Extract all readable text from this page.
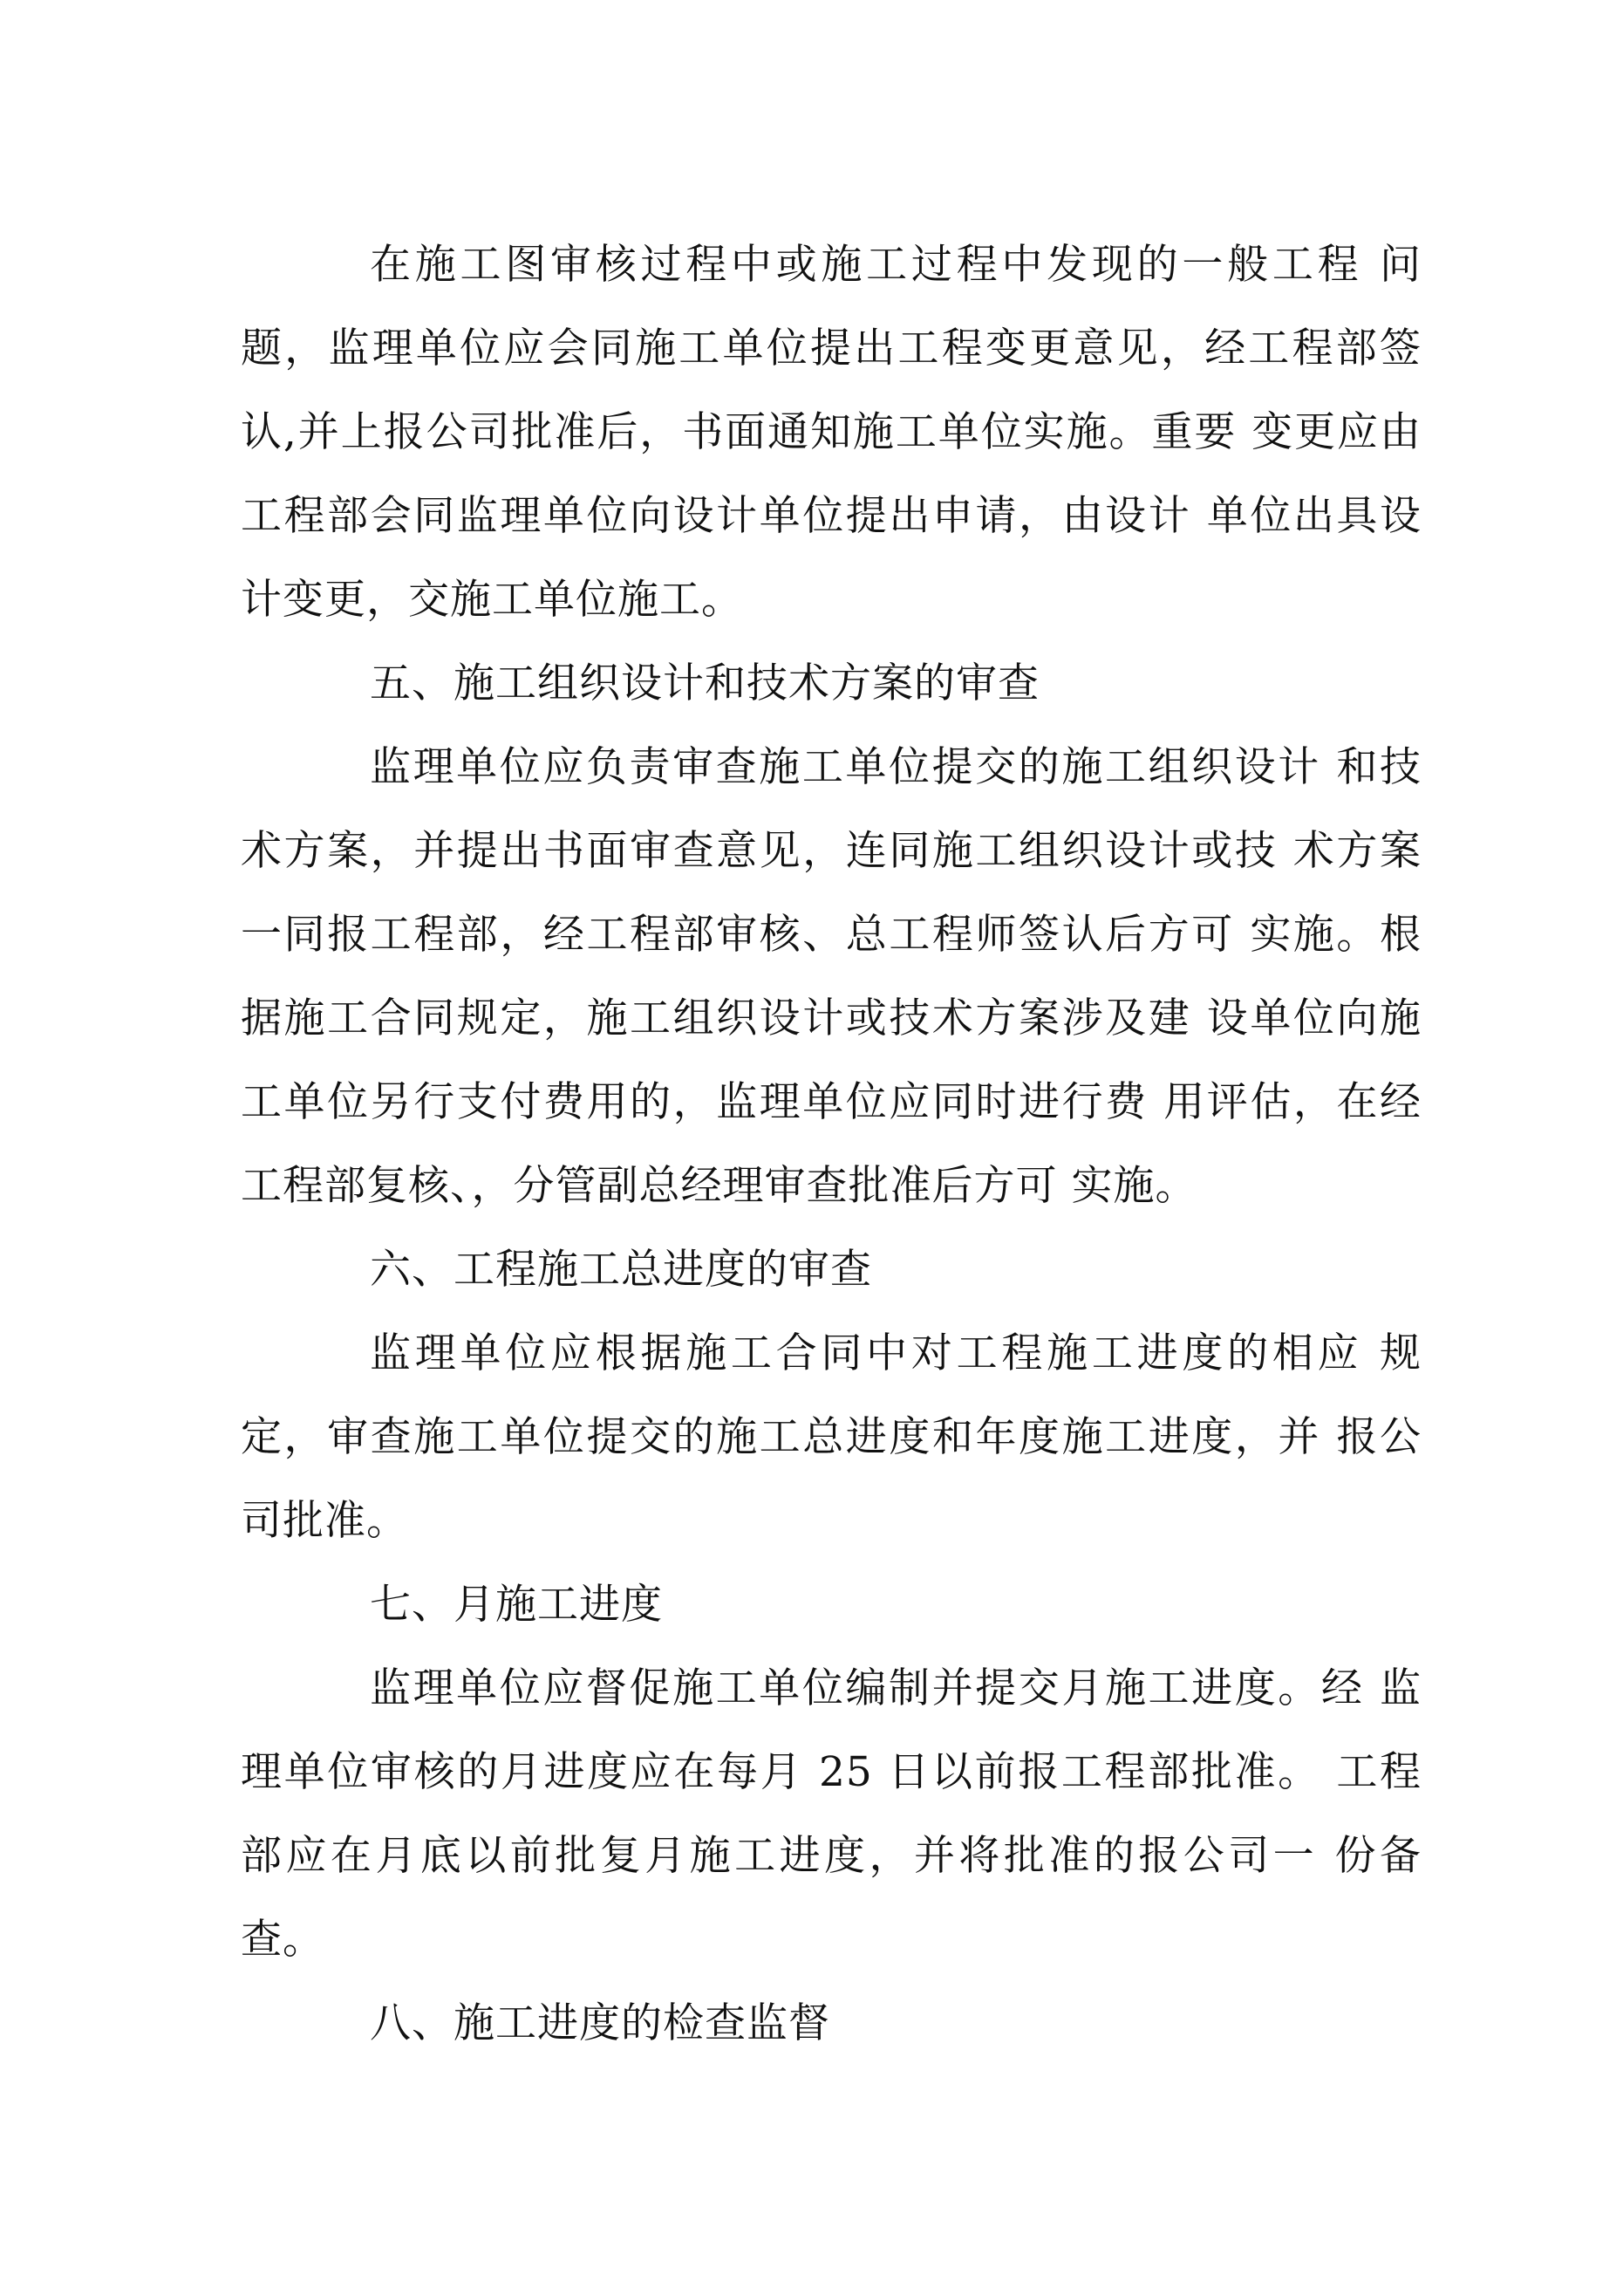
在施工图审核过程中或施工过程中发现的一般工程 问题，监理单位应会同施工单位提出工程变更意见，经工程部签认,并上报公司批准后，书面通知施工单位实施。重要 变更应由工程部会同监理单位向设计单位提出申请，由设计 单位出具设计变更，交施工单位施工。

五、施工组织设计和技术方案的审查

监理单位应负责审查施工单位提交的施工组织设计 和技术方案，并提出书面审查意见，连同施工组织设计或技 术方案一同报工程部，经工程部审核、总工程师签认后方可 实施。根据施工合同规定，施工组织设计或技术方案涉及建 设单位向施工单位另行支付费用的，监理单位应同时进行费 用评估，在经工程部复核、，分管副总经理审查批准后方可 实施。

六、工程施工总进度的审查

监理单位应根据施工合同中对工程施工进度的相应 规定，审查施工单位提交的施工总进度和年度施工进度，并 报公司批准。

七、月施工进度

监理单位应督促施工单位编制并提交月施工进度。经 监理单位审核的月进度应在每月 25 日以前报工程部批准。 工程部应在月底以前批复月施工进度，并将批准的报公司一 份备查。

八、施工进度的检查监督
